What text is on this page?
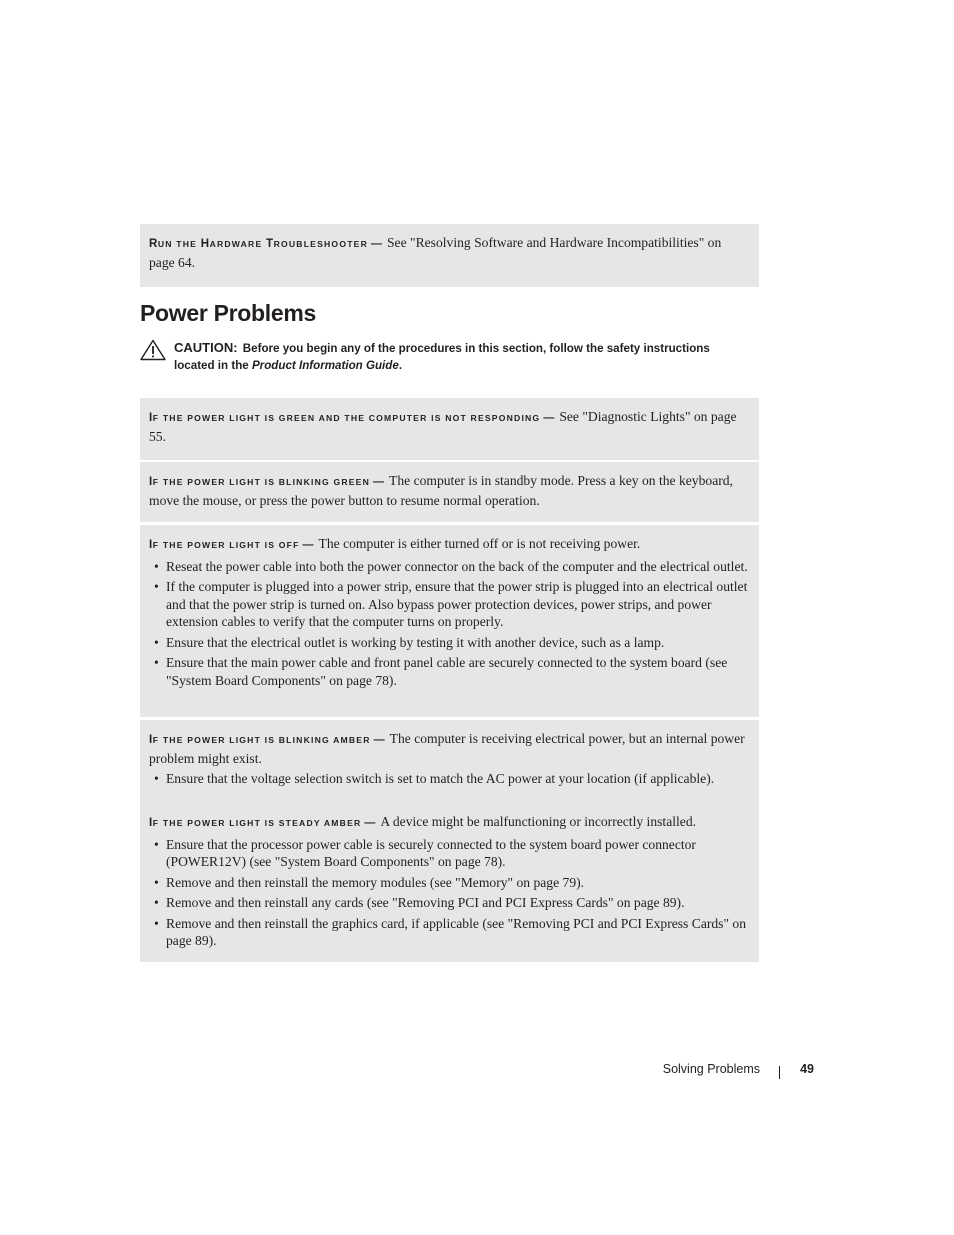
RUN THE HARDWARE TROUBLESHOOTER — See "Resolving Software and Hardware Incompatibilities" on page 64.
Power Problems
CAUTION: Before you begin any of the procedures in this section, follow the safety instructions located in the Product Information Guide.
IF THE POWER LIGHT IS GREEN AND THE COMPUTER IS NOT RESPONDING — See "Diagnostic Lights" on page 55.
IF THE POWER LIGHT IS BLINKING GREEN — The computer is in standby mode. Press a key on the keyboard, move the mouse, or press the power button to resume normal operation.
IF THE POWER LIGHT IS OFF — The computer is either turned off or is not receiving power.
• Reseat the power cable into both the power connector on the back of the computer and the electrical outlet.
• If the computer is plugged into a power strip, ensure that the power strip is plugged into an electrical outlet and that the power strip is turned on. Also bypass power protection devices, power strips, and power extension cables to verify that the computer turns on properly.
• Ensure that the electrical outlet is working by testing it with another device, such as a lamp.
• Ensure that the main power cable and front panel cable are securely connected to the system board (see "System Board Components" on page 78).
IF THE POWER LIGHT IS BLINKING AMBER — The computer is receiving electrical power, but an internal power problem might exist.
• Ensure that the voltage selection switch is set to match the AC power at your location (if applicable).
IF THE POWER LIGHT IS STEADY AMBER — A device might be malfunctioning or incorrectly installed.
• Ensure that the processor power cable is securely connected to the system board power connector (POWER12V) (see "System Board Components" on page 78).
• Remove and then reinstall the memory modules (see "Memory" on page 79).
• Remove and then reinstall any cards (see "Removing PCI and PCI Express Cards" on page 89).
• Remove and then reinstall the graphics card, if applicable (see "Removing PCI and PCI Express Cards" on page 89).
Solving Problems	49
